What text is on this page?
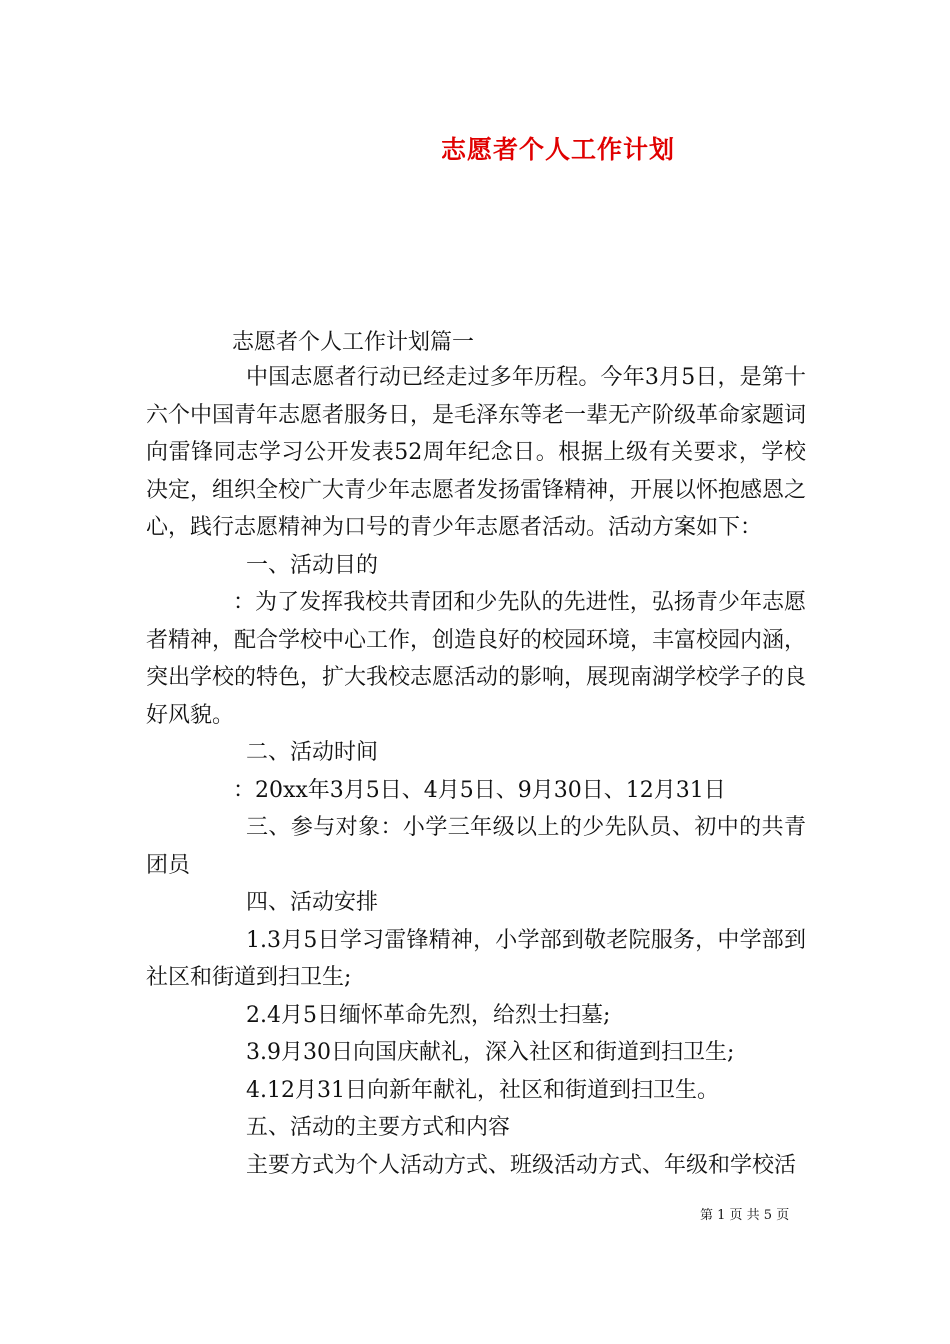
志愿者个人工作计划
志愿者个人工作计划篇一

中国志愿者行动已经走过多年历程。今年3月5日，是第十六个中国青年志愿者服务日，是毛泽东等老一辈无产阶级革命家题词向雷锋同志学习公开发表52周年纪念日。根据上级有关要求，学校决定，组织全校广大青少年志愿者发扬雷锋精神，开展以怀抱感恩之心，践行志愿精神为口号的青少年志愿者活动。活动方案如下：

一、活动目的

：为了发挥我校共青团和少先队的先进性，弘扬青少年志愿者精神，配合学校中心工作，创造良好的校园环境，丰富校园内涵，突出学校的特色，扩大我校志愿活动的影响，展现南湖学校学子的良好风貌。

二、活动时间

：20xx年3月5日、4月5日、9月30日、12月31日

三、参与对象：小学三年级以上的少先队员、初中的共青团员

四、活动安排

1.3月5日学习雷锋精神，小学部到敬老院服务，中学部到社区和街道到扫卫生;

2.4月5日缅怀革命先烈，给烈士扫墓;

3.9月30日向国庆献礼，深入社区和街道到扫卫生;

4.12月31日向新年献礼，社区和街道到扫卫生。

五、活动的主要方式和内容

主要方式为个人活动方式、班级活动方式、年级和学校活

第 1 页 共 5 页
